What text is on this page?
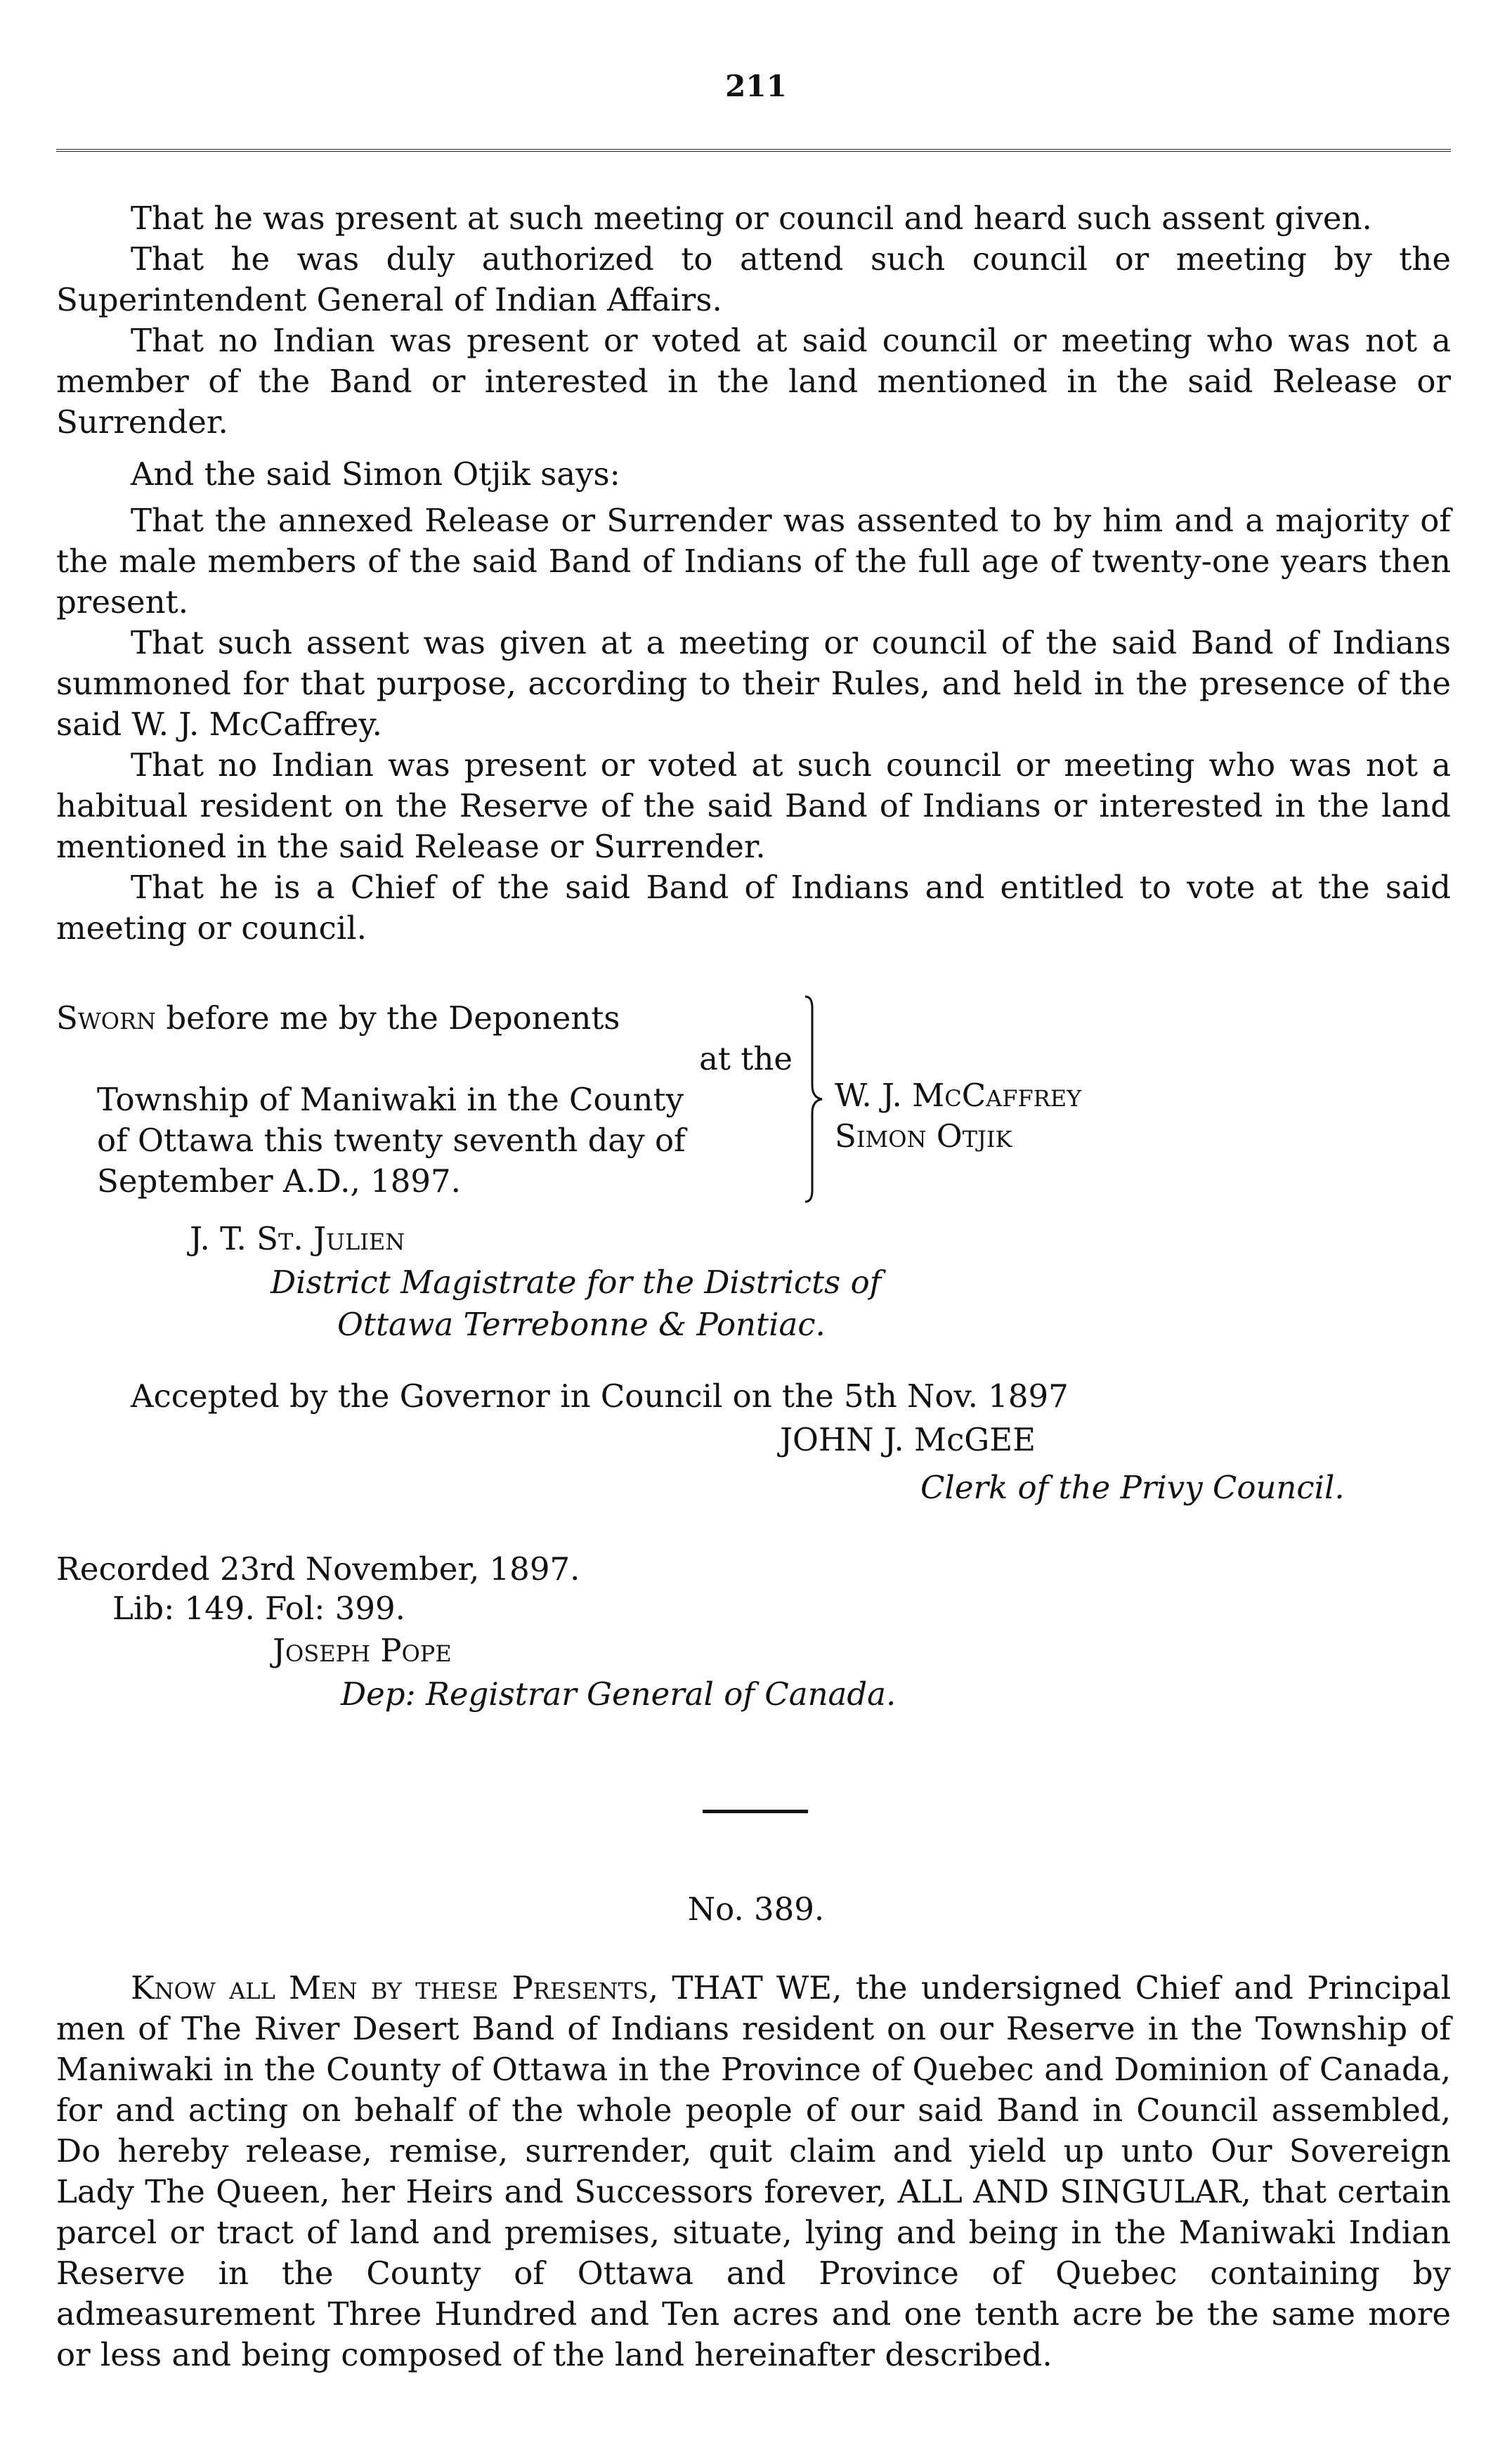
211

That he was present at such meeting or council and heard such assent given.

That he was duly authorized to attend such council or meeting by the Superintendent General of Indian Affairs.

That no Indian was present or voted at said council or meeting who was not a member of the Band or interested in the land mentioned in the said Release or Surrender.

And the said Simon Otjik says:

That the annexed Release or Surrender was assented to by him and a majority of the male members of the said Band of Indians of the full age of twenty-one years then present.

That such assent was given at a meeting or council of the said Band of Indians summoned for that purpose, according to their Rules, and held in the presence of the said W. J. McCaffrey.

That no Indian was present or voted at such council or meeting who was not a habitual resident on the Reserve of the said Band of Indians or interested in the land mentioned in the said Release or Surrender.

That he is a Chief of the said Band of Indians and entitled to vote at the said meeting or council.

Sworn before me by the Deponents

at the

Township of Maniwaki in the County

of Ottawa this twenty seventh day of

September A.D., 1897.

W. J. McCaffrey
Simon Otjik
J. T. St. Julien
District Magistrate for the Districts of
Ottawa Terrebonne & Pontiac.
Accepted by the Governor in Council on the 5th Nov. 1897
JOHN J. McGEE
Clerk of the Privy Council.
Recorded 23rd November, 1897.
Lib: 149. Fol: 399.
Joseph Pope
Dep: Registrar General of Canada.
No. 389.

Know all Men by these Presents, THAT WE, the undersigned Chief and Principal men of The River Desert Band of Indians resident on our Reserve in the Township of Maniwaki in the County of Ottawa in the Province of Quebec and Dominion of Canada, for and acting on behalf of the whole people of our said Band in Council assembled, Do hereby release, remise, surrender, quit claim and yield up unto Our Sovereign Lady The Queen, her Heirs and Successors forever, ALL AND SINGULAR, that certain parcel or tract of land and premises, situate, lying and being in the Maniwaki Indian Reserve in the County of Ottawa and Province of Quebec containing by admeasurement Three Hundred and Ten acres and one tenth acre be the same more or less and being composed of the land hereinafter described.
